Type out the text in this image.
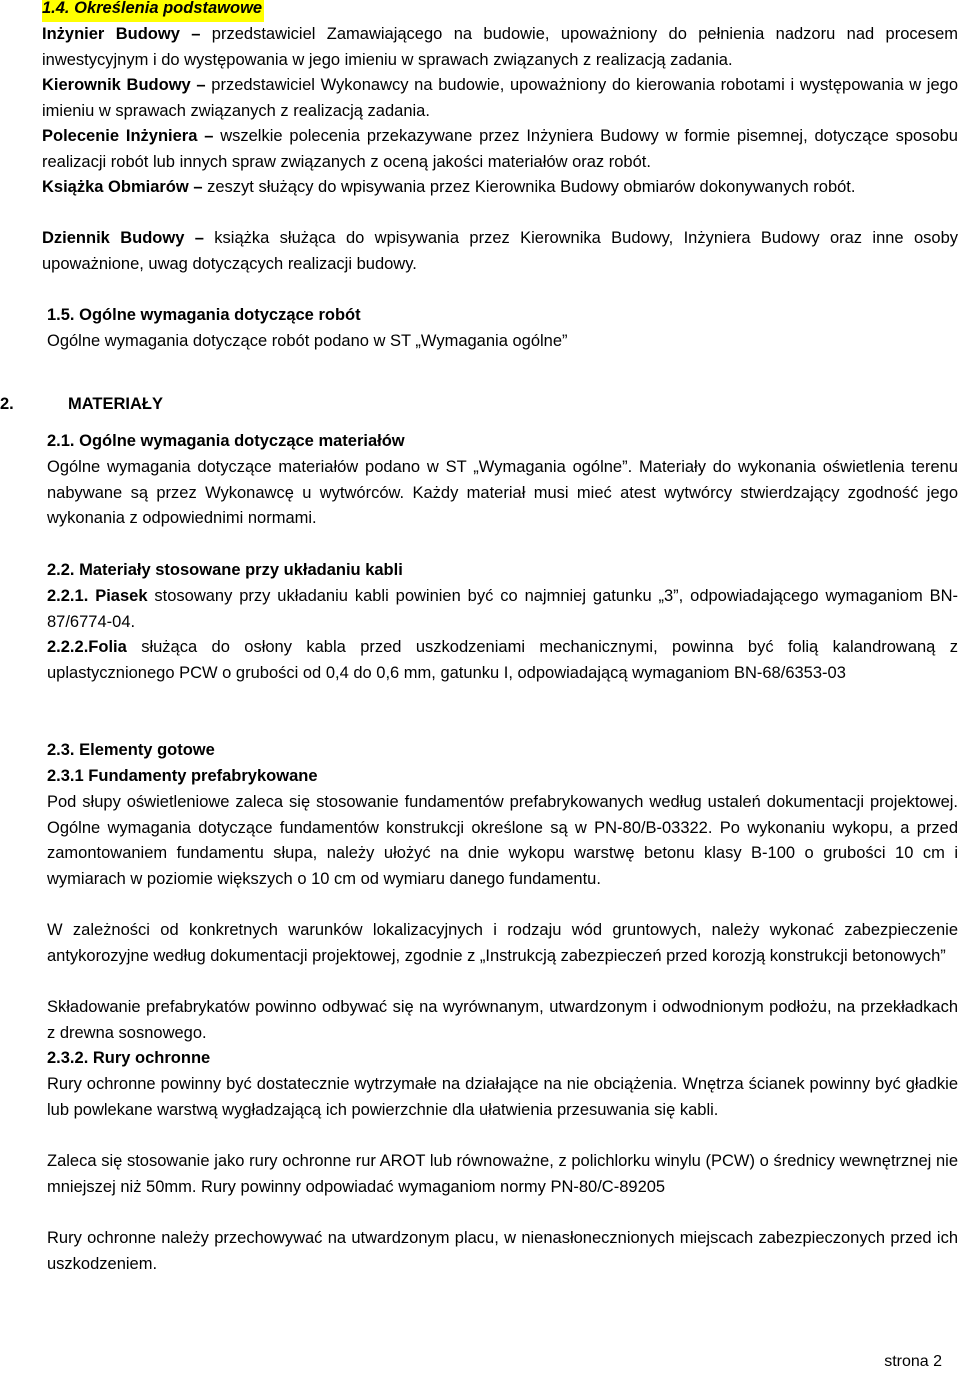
1.4. Określenia podstawowe
Inżynier Budowy – przedstawiciel Zamawiającego na budowie, upoważniony do pełnienia nadzoru nad procesem inwestycyjnym i do występowania w jego imieniu w sprawach związanych z realizacją zadania.
Kierownik Budowy – przedstawiciel Wykonawcy na budowie, upoważniony do kierowania robotami i występowania w jego imieniu w sprawach związanych z realizacją zadania.
Polecenie Inżyniera – wszelkie polecenia przekazywane przez Inżyniera Budowy w formie pisemnej, dotyczące sposobu realizacji robót lub innych spraw związanych z oceną jakości materiałów oraz robót.
Książka Obmiarów – zeszyt służący do wpisywania przez Kierownika Budowy obmiarów dokonywanych robót.
Dziennik Budowy – książka służąca do wpisywania przez Kierownika Budowy, Inżyniera Budowy oraz inne osoby upoważnione, uwag dotyczących realizacji budowy.
1.5. Ogólne wymagania dotyczące robót
Ogólne wymagania dotyczące robót podano w ST „Wymagania ogólne”
2.	MATERIAŁY
2.1. Ogólne wymagania dotyczące materiałów
Ogólne wymagania dotyczące materiałów podano w ST „Wymagania ogólne”. Materiały do wykonania oświetlenia terenu nabywane są przez Wykonawcę u wytwórców. Każdy materiał musi mieć atest wytwórcy stwierdzający zgodność jego wykonania z odpowiednimi normami.
2.2. Materiały stosowane przy układaniu kabli
2.2.1. Piasek stosowany przy układaniu kabli powinien być co najmniej gatunku „3”, odpowiadającego wymaganiom BN-87/6774-04.
2.2.2.Folia służąca do osłony kabla przed uszkodzeniami mechanicznymi, powinna być folią kalandrowaną z uplastycznionego PCW o grubości od 0,4 do 0,6 mm, gatunku I, odpowiadającą wymaganiom BN-68/6353-03
2.3. Elementy gotowe
2.3.1 Fundamenty prefabrykowane
Pod słupy oświetleniowe zaleca się stosowanie fundamentów prefabrykowanych według ustaleń dokumentacji projektowej. Ogólne wymagania dotyczące fundamentów konstrukcji określone są w PN-80/B-03322. Po wykonaniu wykopu, a przed zamontowaniem fundamentu słupa, należy ułożyć na dnie wykopu warstwę betonu klasy B-100 o grubości 10 cm i wymiarach w poziomie większych o 10 cm od wymiaru danego fundamentu.
W zależności od konkretnych warunków lokalizacyjnych i rodzaju wód gruntowych, należy wykonać zabezpieczenie antykorozyjne według dokumentacji projektowej, zgodnie z „Instrukcją zabezpieczeń przed korozją konstrukcji betonowych”
Składowanie prefabrykatów powinno odbywać się na wyrównanym, utwardzonym i odwodnionym podłożu, na przekładkach z drewna sosnowego.
2.3.2. Rury ochronne
Rury ochronne powinny być dostatecznie wytrzymałe na działające na nie obciążenia. Wnętrza ścianek powinny być gładkie lub powlekane warstwą wygładzającą ich powierzchnie dla ułatwienia przesuwania się kabli.
Zaleca się stosowanie jako rury ochronne rur AROT lub równoważne, z polichlorku winylu (PCW) o średnicy wewnętrznej nie mniejszej niż 50mm. Rury powinny odpowiadać wymaganiom normy PN-80/C-89205
Rury ochronne należy przechowywać na utwardzonym placu, w nienasłonecznionych miejscach zabezpieczonych przed ich uszkodzeniem.
strona 2
